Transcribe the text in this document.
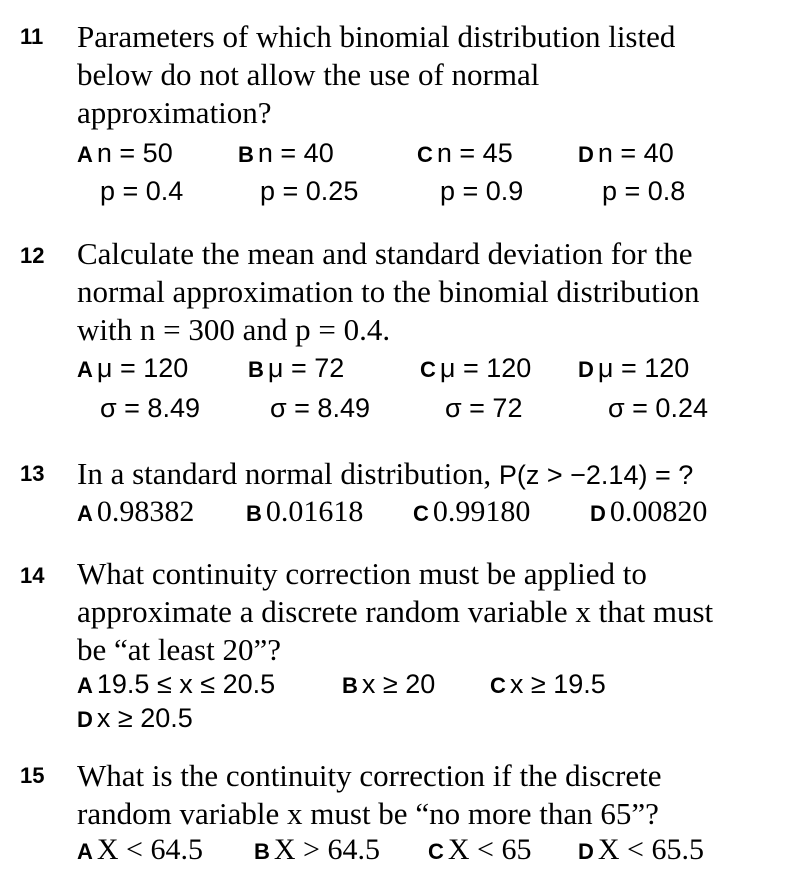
11 Parameters of which binomial distribution listed

below do not allow the use of normal

approximation?

A n = 50
p = 0.4
B n = 40
p = 0.25
C n = 45
p = 0.9
D n = 40
p = 0.8
12 Calculate the mean and standard deviation for the

normal approximation to the binomial distribution

with n = 300 and p = 0.4.

A μ = 120
σ = 8.49
B μ = 72
σ = 8.49
C μ = 120
σ = 72
D μ = 120
σ = 0.24
13 In a standard normal distribution, P(z > −2.14) = ?

A 0.98382 B 0.01618 C 0.99180	D 0.00820
14 What continuity correction must be applied to

approximate a discrete random variable x that must

be “at least 20”?

A 19.5 ≤ x ≤ 20.5	B x ≥ 20 C x ≥ 19.5
D x ≥ 20.5
15 What is the continuity correction if the discrete

random variable x must be “no more than 65”?

A X < 64.5 B X > 64.5 C X < 65 D X < 65.5
